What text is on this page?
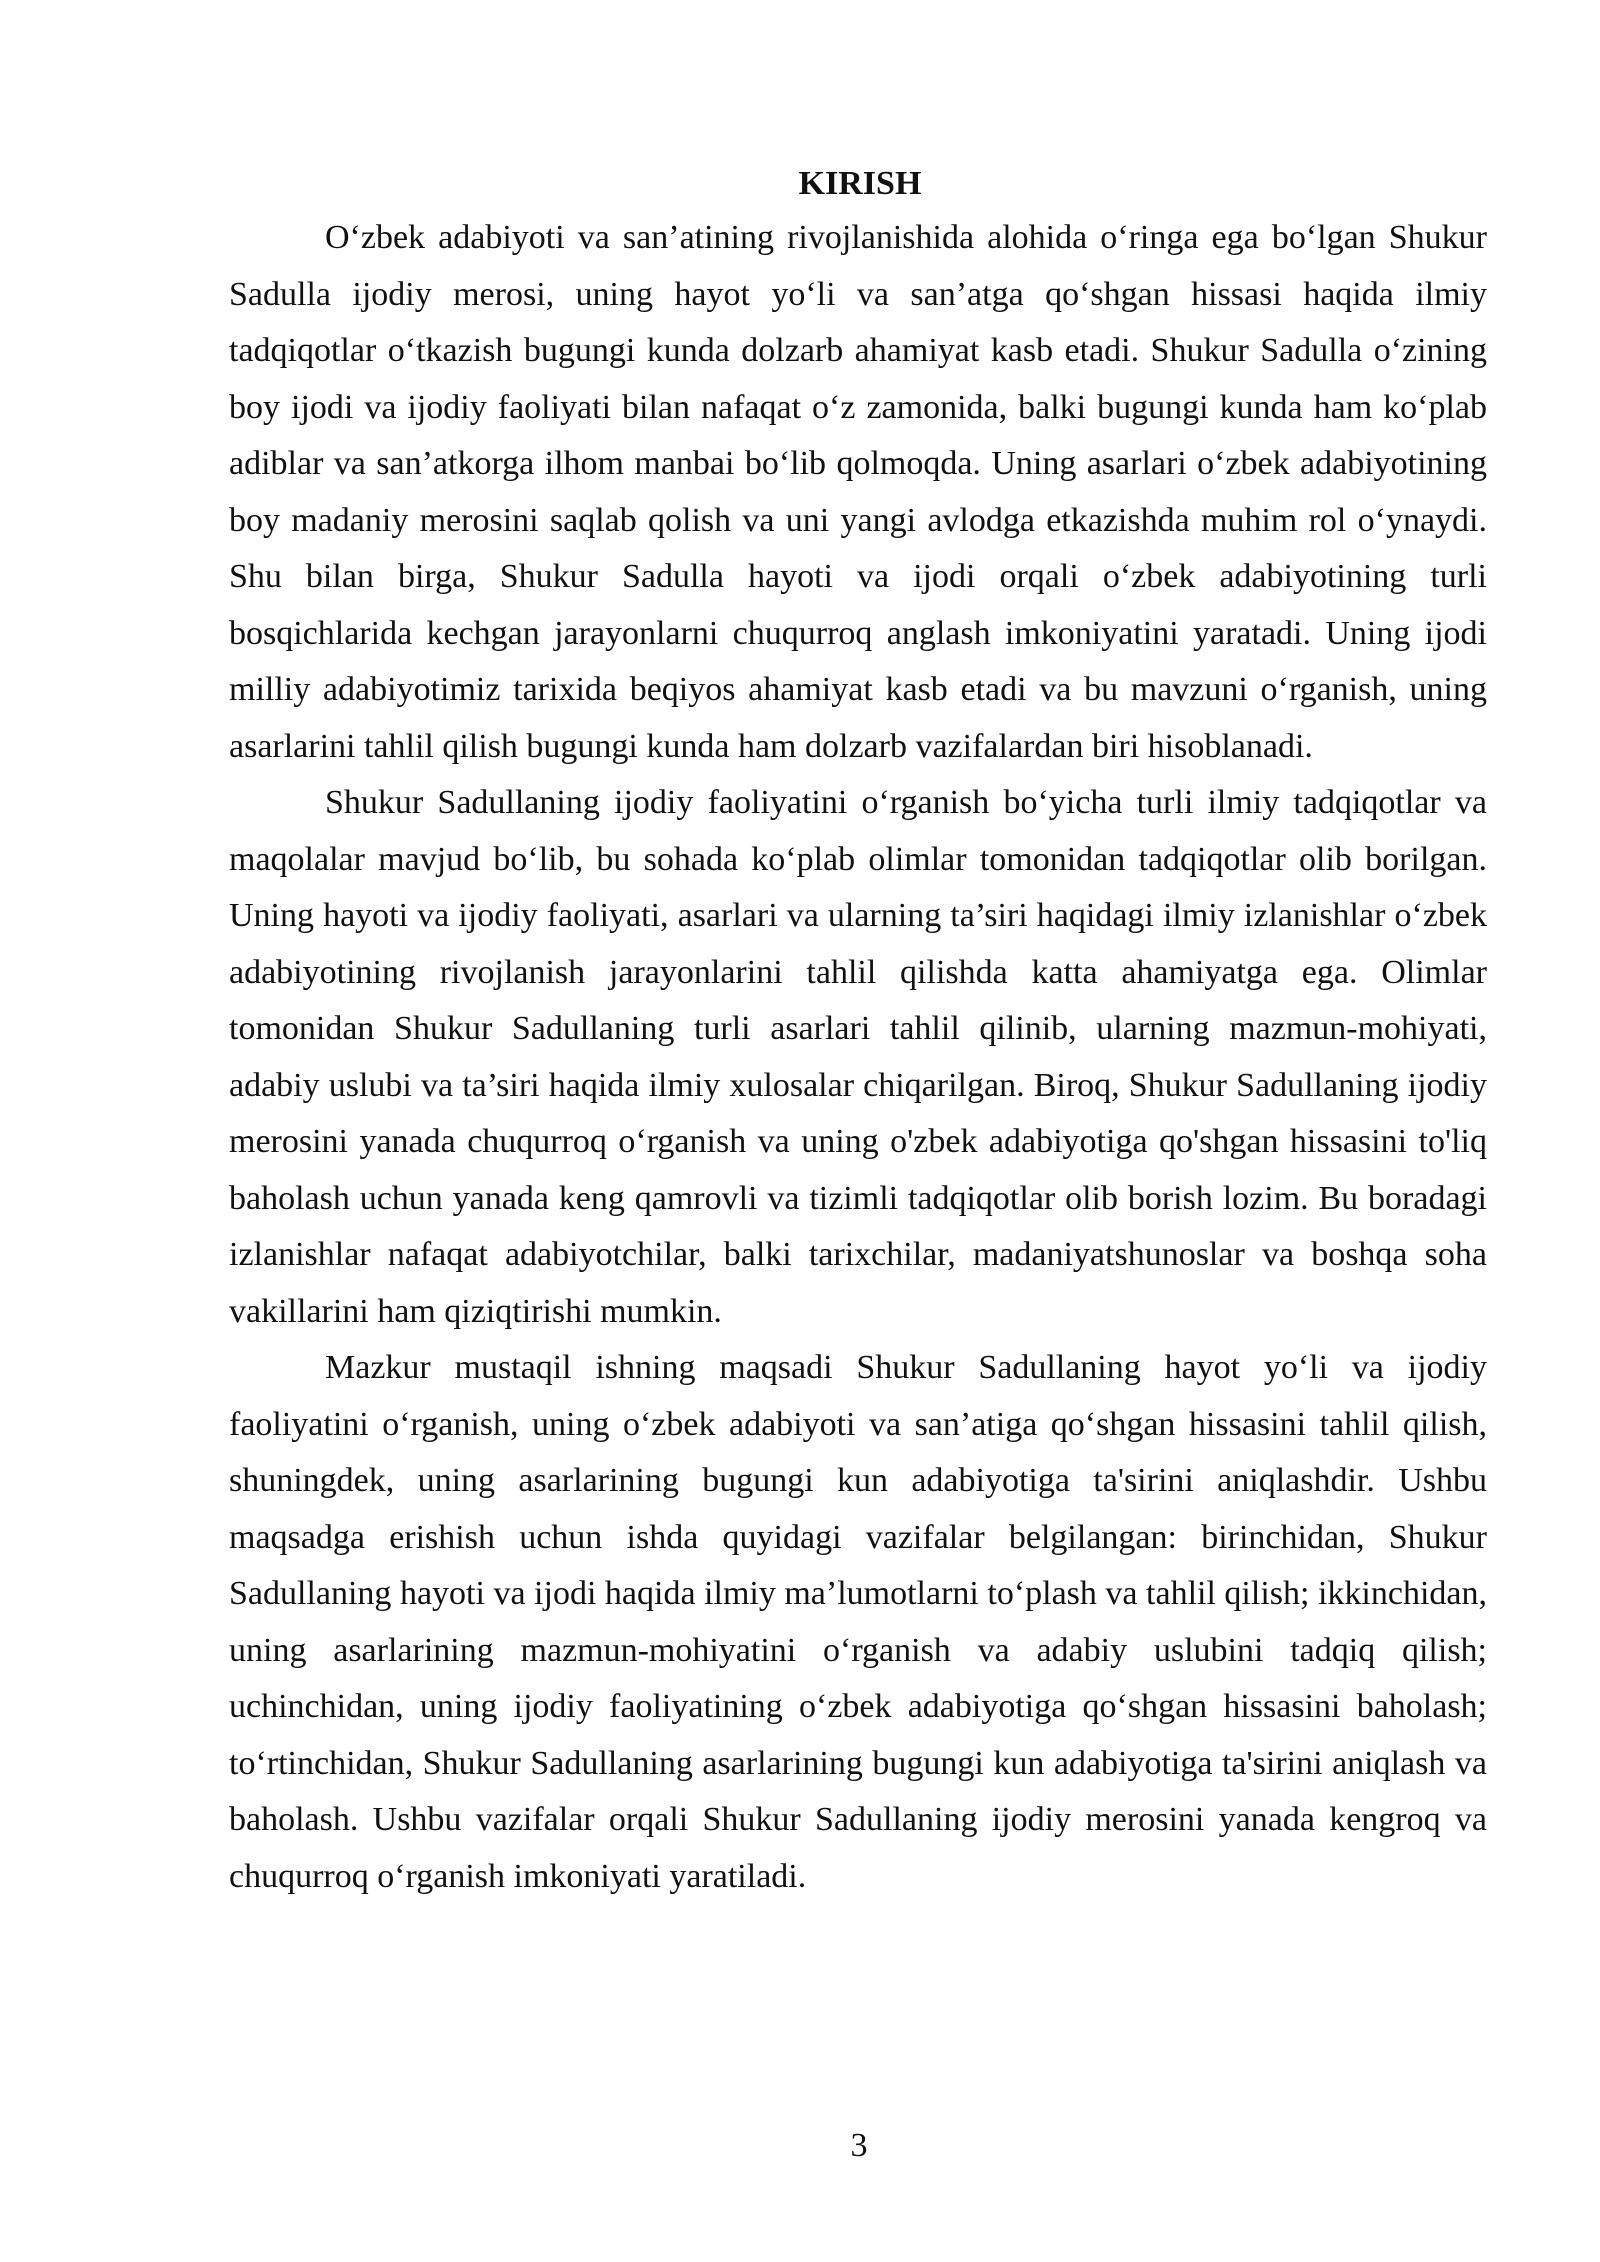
KIRISH

O‘zbek adabiyoti va san’atining rivojlanishida alohida o‘ringa ega bo‘lgan Shukur Sadulla ijodiy merosi, uning hayot yo‘li va san’atga qo‘shgan hissasi haqida ilmiy tadqiqotlar o‘tkazish bugungi kunda dolzarb ahamiyat kasb etadi. Shukur Sadulla o‘zining boy ijodi va ijodiy faoliyati bilan nafaqat o‘z zamonida, balki bugungi kunda ham ko‘plab adiblar va san’atkorga ilhom manbai bo‘lib qolmoqda. Uning asarlari o‘zbek adabiyotining boy madaniy merosini saqlab qolish va uni yangi avlodga etkazishda muhim rol o‘ynaydi. Shu bilan birga, Shukur Sadulla hayoti va ijodi orqali o‘zbek adabiyotining turli bosqichlarida kechgan jarayonlarni chuqurroq anglash imkoniyatini yaratadi. Uning ijodi milliy adabiyotimiz tarixida beqiyos ahamiyat kasb etadi va bu mavzuni o‘rganish, uning asarlarini tahlil qilish bugungi kunda ham dolzarb vazifalardan biri hisoblanadi.

Shukur Sadullaning ijodiy faoliyatini o‘rganish bo‘yicha turli ilmiy tadqiqotlar va maqolalar mavjud bo‘lib, bu sohada ko‘plab olimlar tomonidan tadqiqotlar olib borilgan. Uning hayoti va ijodiy faoliyati, asarlari va ularning ta’siri haqidagi ilmiy izlanishlar o‘zbek adabiyotining rivojlanish jarayonlarini tahlil qilishda katta ahamiyatga ega. Olimlar tomonidan Shukur Sadullaning turli asarlari tahlil qilinib, ularning mazmun-mohiyati, adabiy uslubi va ta’siri haqida ilmiy xulosalar chiqarilgan. Biroq, Shukur Sadullaning ijodiy merosini yanada chuqurroq o‘rganish va uning o'zbek adabiyotiga qo'shgan hissasini to'liq baholash uchun yanada keng qamrovli va tizimli tadqiqotlar olib borish lozim. Bu boradagi izlanishlar nafaqat adabiyotchilar, balki tarixchilar, madaniyatshunoslar va boshqa soha vakillarini ham qiziqtirishi mumkin.

Mazkur mustaqil ishning maqsadi Shukur Sadullaning hayot yo‘li va ijodiy faoliyatini o‘rganish, uning o‘zbek adabiyoti va san’atiga qo‘shgan hissasini tahlil qilish, shuningdek, uning asarlarining bugungi kun adabiyotiga ta'sirini aniqlashdir. Ushbu maqsadga erishish uchun ishda quyidagi vazifalar belgilangan: birinchidan, Shukur Sadullaning hayoti va ijodi haqida ilmiy ma’lumotlarni to‘plash va tahlil qilish; ikkinchidan, uning asarlarining mazmun-mohiyatini o‘rganish va adabiy uslubini tadqiq qilish; uchinchidan, uning ijodiy faoliyatining o‘zbek adabiyotiga qo‘shgan hissasini baholash; to‘rtinchidan, Shukur Sadullaning asarlarining bugungi kun adabiyotiga ta'sirini aniqlash va baholash. Ushbu vazifalar orqali Shukur Sadullaning ijodiy merosini yanada kengroq va chuqurroq o‘rganish imkoniyati yaratiladi.

3
